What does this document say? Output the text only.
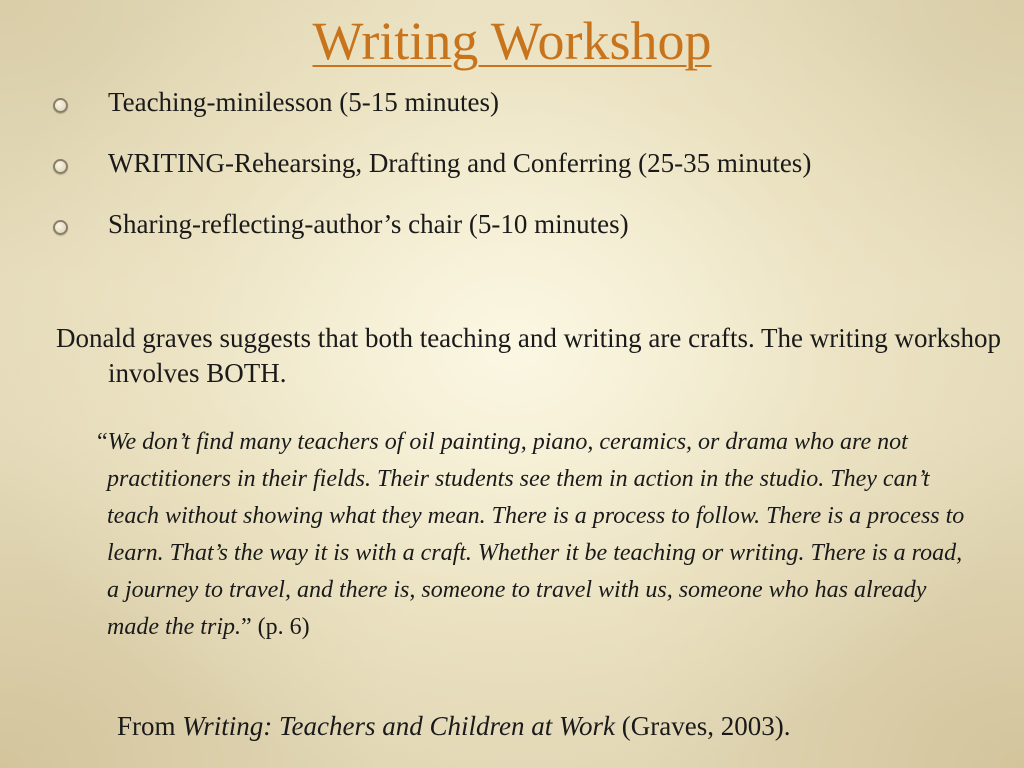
Writing Workshop
Teaching-minilesson (5-15 minutes)
WRITING-Rehearsing, Drafting and Conferring (25-35 minutes)
Sharing-reflecting-author’s chair (5-10 minutes)
Donald graves suggests that both teaching and writing are crafts. The writing workshop involves BOTH.
“We don’t find many teachers of oil painting, piano, ceramics, or drama who are not practitioners in their fields. Their students see them in action in the studio. They can’t teach without showing what they mean. There is a process to follow. There is a process to learn. That’s the way it is with a craft. Whether it be teaching or writing. There is a road, a journey to travel, and there is, someone to travel with us, someone who has already made the trip.” (p. 6)
From Writing: Teachers and Children at Work (Graves, 2003).
